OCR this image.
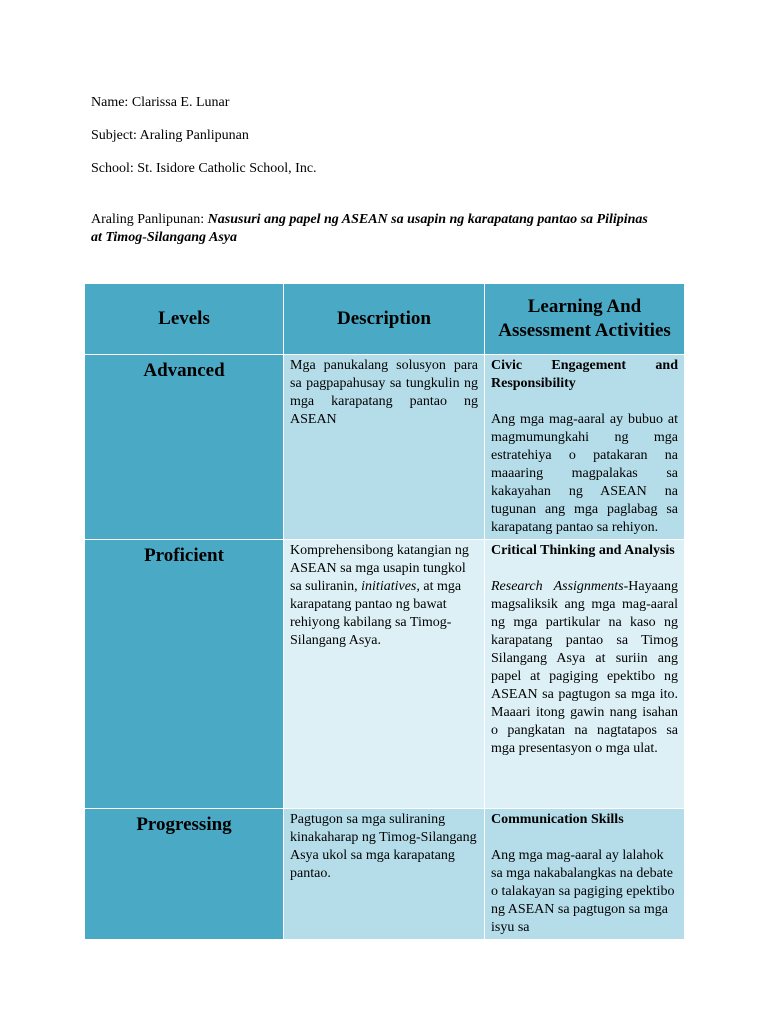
Name: Clarissa E. Lunar

Subject: Araling Panlipunan

School: St. Isidore Catholic School, Inc.

Araling Panlipunan: Nasusuri ang papel ng ASEAN sa usapin ng karapatang pantao sa Pilipinas at Timog-Silangang Asya

Levels	Description	Learning And Assessment Activities
Advanced	Mga panukalang solusyon para sa pagpapahusay sa tungkulin ng mga karapatang pantao ng ASEAN	Civic Engagement and Responsibility
Ang mga mag-aaral ay bubuo at magmumungkahi ng mga estratehiya o patakaran na maaaring magpalakas sa kakayahan ng ASEAN na tugunan ang mga paglabag sa karapatang pantao sa rehiyon.

Proficient	Komprehensibong katangian ng ASEAN sa mga usapin tungkol sa suliranin, initiatives, at mga karapatang pantao ng bawat rehiyong kabilang sa Timog-Silangang Asya.	Critical Thinking and Analysis
Research Assignments-Hayaang magsaliksik ang mga mag-aaral ng mga partikular na kaso ng karapatang pantao sa Timog Silangang Asya at suriin ang papel at pagiging epektibo ng ASEAN sa pagtugon sa mga ito. Maaari itong gawin nang isahan o pangkatan na nagtatapos sa mga presentasyon o mga ulat.

Progressing	Pagtugon sa mga suliraning kinakaharap ng Timog-Silangang Asya ukol sa mga karapatang pantao.	Communication Skills
Ang mga mag-aaral ay lalahok sa mga nakabalangkas na debate o talakayan sa pagiging epektibo ng ASEAN sa pagtugon sa mga isyu sa
